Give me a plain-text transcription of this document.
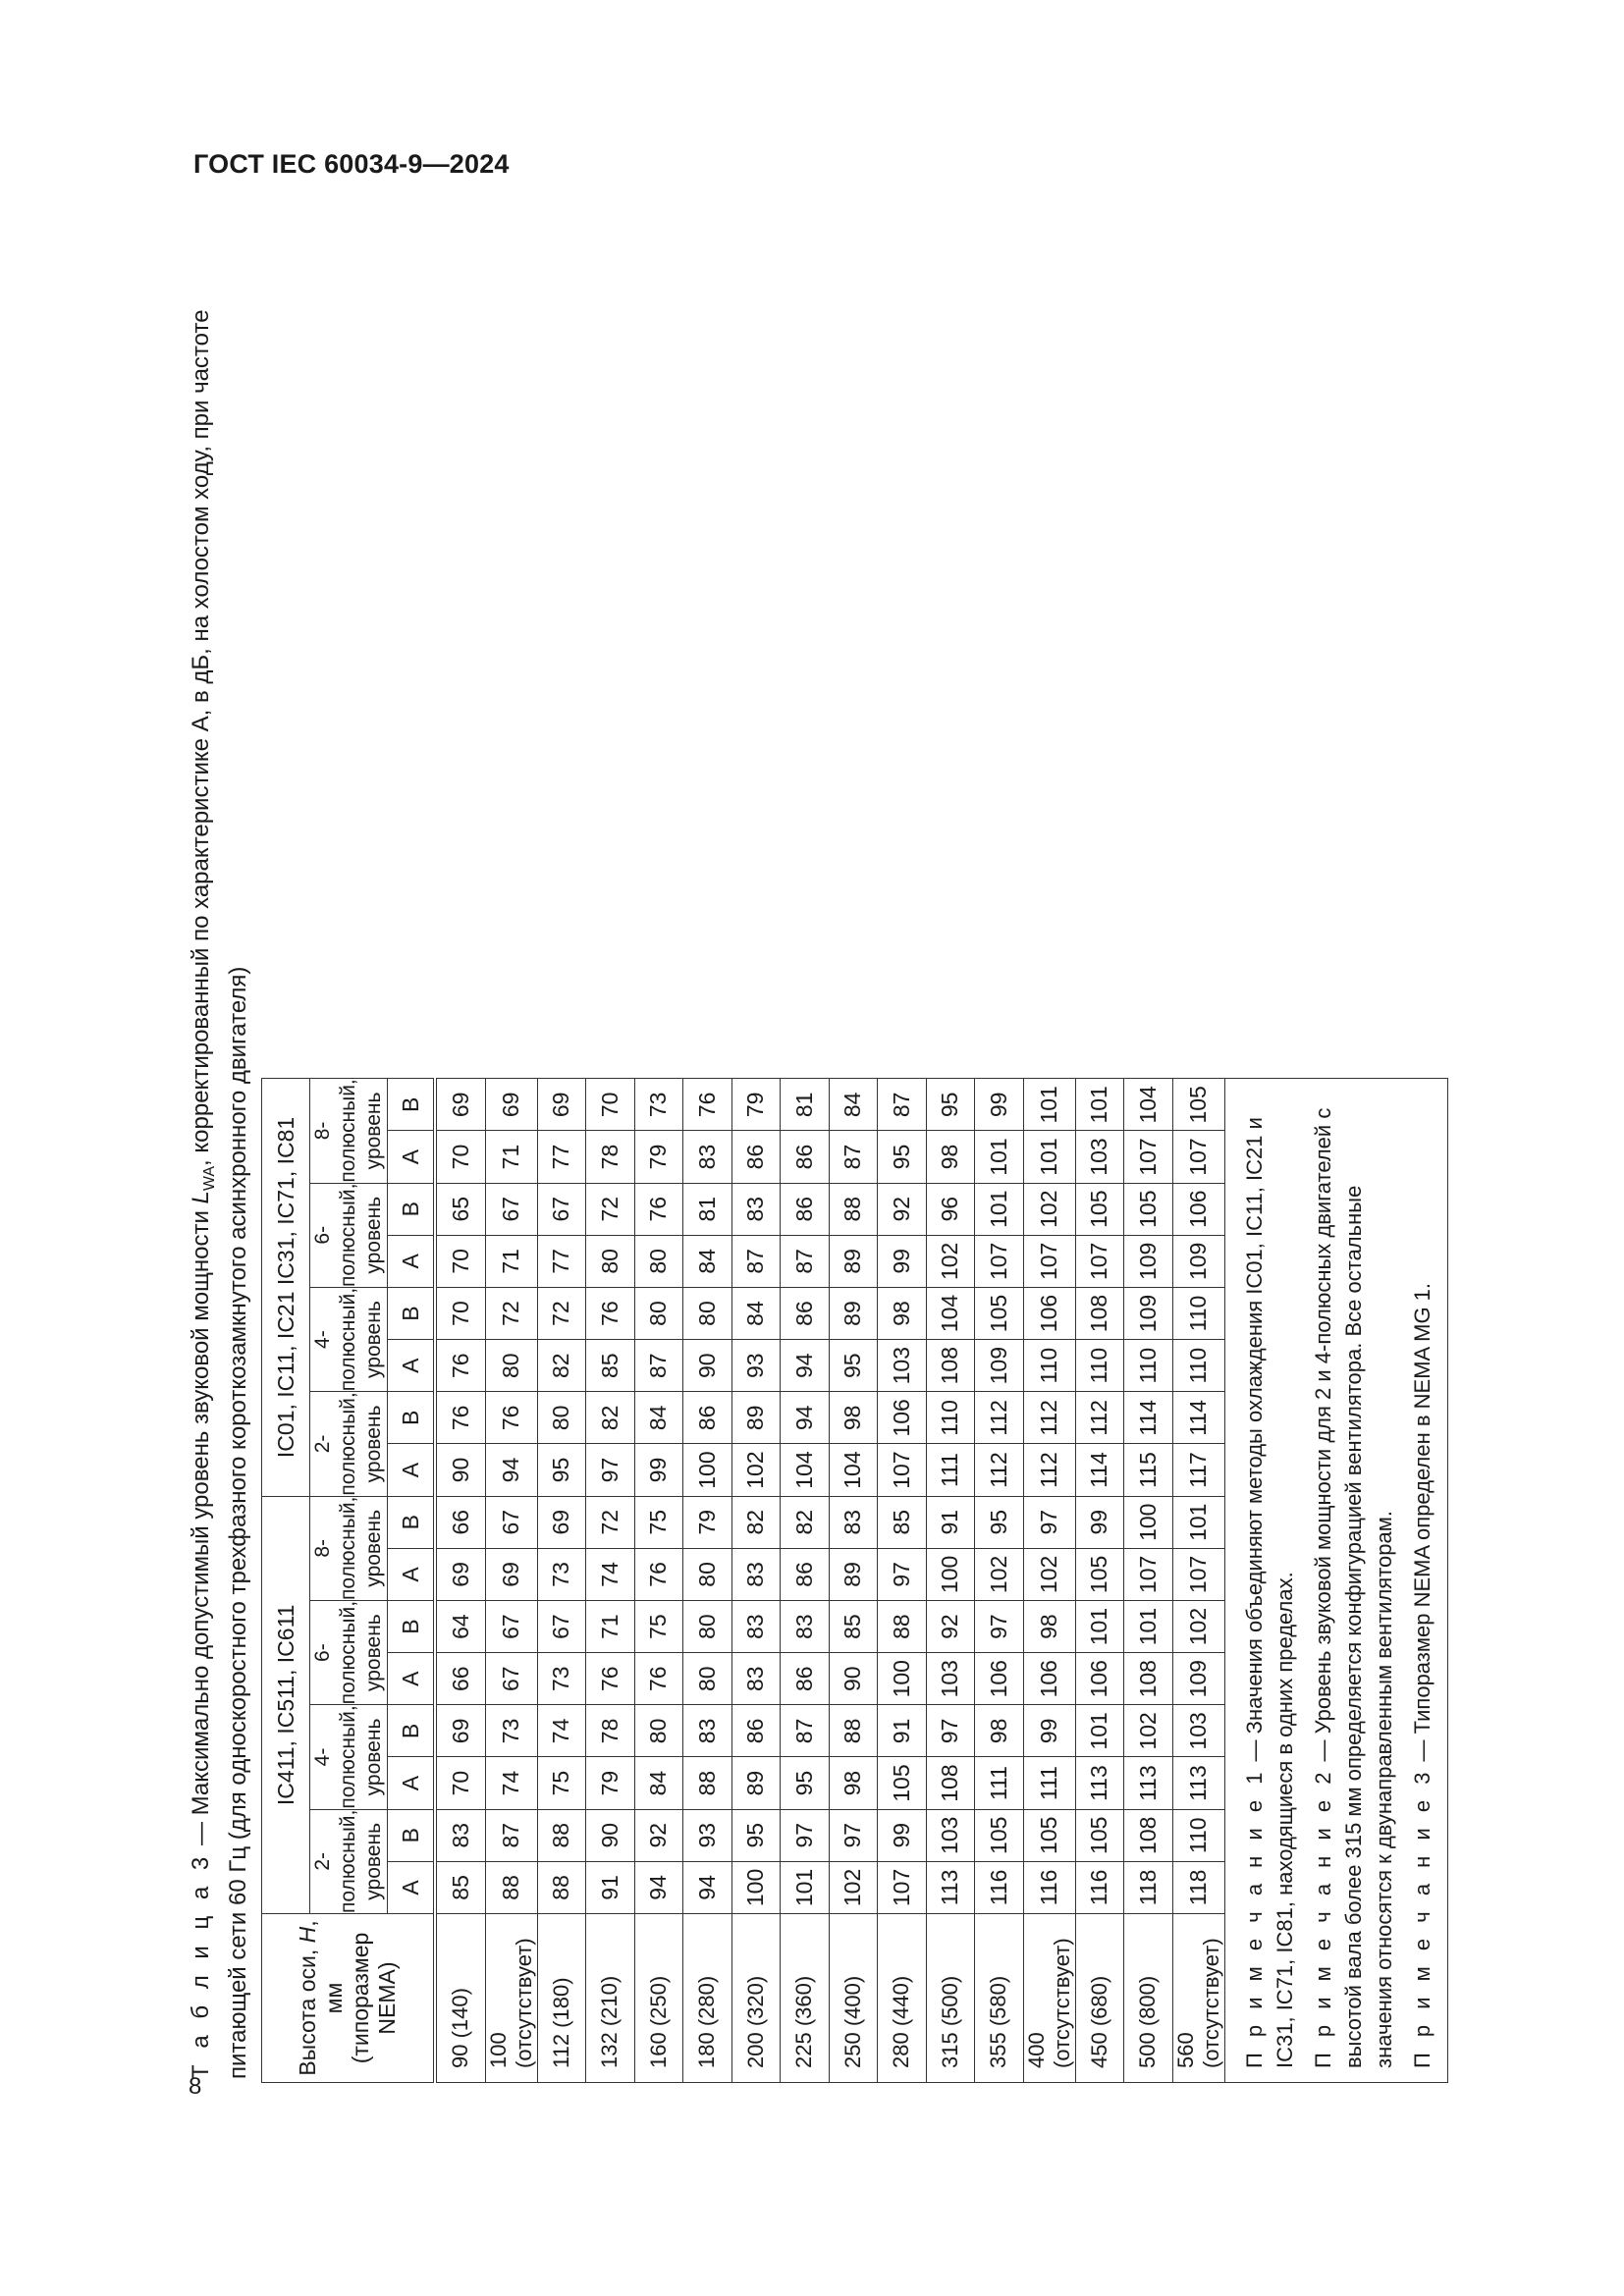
ГОСТ IEC 60034-9—2024
Т а б л и ц а 3 — Максимально допустимый уровень звуковой мощности $L_{WA}$, корректированный по характеристике А, в дБ, на холостом ходу, при частоте питающей сети 60 Гц (для односкоростного трехфазного короткозамкнутого асинхронного двигателя) Высота оси, H, мм
(типоразмер NEMA)	IC411, IC511, IC611								IC01, IC11, IC21 IC31, IC71, IC81							
	2-полюсный, уровень		4-полюсный, уровень		6-полюсный, уровень		8-полюсный, уровень		2-полюсный, уровень		4-полюсный, уровень		6-полюсный, уровень		8-полюсный, уровень	
	А	В	А	В	А	В	А	В	А	В	А	В	А	В	А	В
90 (140)	85	83	70	69	66	64	69	66	90	76	76	70	70	65	70	69
100 (отсутствует)	88	87	74	73	67	67	69	67	94	76	80	72	71	67	71	69
112 (180)	88	88	75	74	73	67	73	69	95	80	82	72	77	67	77	69
132 (210)	91	90	79	78	76	71	74	72	97	82	85	76	80	72	78	70
160 (250)	94	92	84	80	76	75	76	75	99	84	87	80	80	76	79	73
180 (280)	94	93	88	83	80	80	80	79	100	86	90	80	84	81	83	76
200 (320)	100	95	89	86	83	83	83	82	102	89	93	84	87	83	86	79
225 (360)	101	97	95	87	86	83	86	82	104	94	94	86	87	86	86	81
250 (400)	102	97	98	88	90	85	89	83	104	98	95	89	89	88	87	84
280 (440)	107	99	105	91	100	88	97	85	107	106	103	98	99	92	95	87
315 (500)	113	103	108	97	103	92	100	91	111	110	108	104	102	96	98	95
355 (580)	116	105	111	98	106	97	102	95	112	112	109	105	107	101	101	99
400 (отсутствует)	116	105	111	99	106	98	102	97	112	112	110	106	107	102	101	101
450 (680)	116	105	113	101	106	101	105	99	114	112	110	108	107	105	103	101
500 (800)	118	108	113	102	108	101	107	100	115	114	110	109	109	105	107	104
560 (отсутствует)	118	110	113	103	109	102	107	101	117	114	110	110	109	106	107	105

П р и м е ч а н и е 1 — Значения объединяют методы охлаждения IC01, IC11, IC21 и IC31, IC71, IC81, находящиеся в одних пределах. П р и м е ч а н и е 2 — Уровень звуковой мощности для 2 и 4-полюсных двигателей с высотой вала более 315 мм определяется конфигурацией вентилятора. Все остальные значения относятся к двунаправленным вентиляторам. П р и м е ч а н и е 3 — Типоразмер NEMA определен в NEMA MG 1.																

8
